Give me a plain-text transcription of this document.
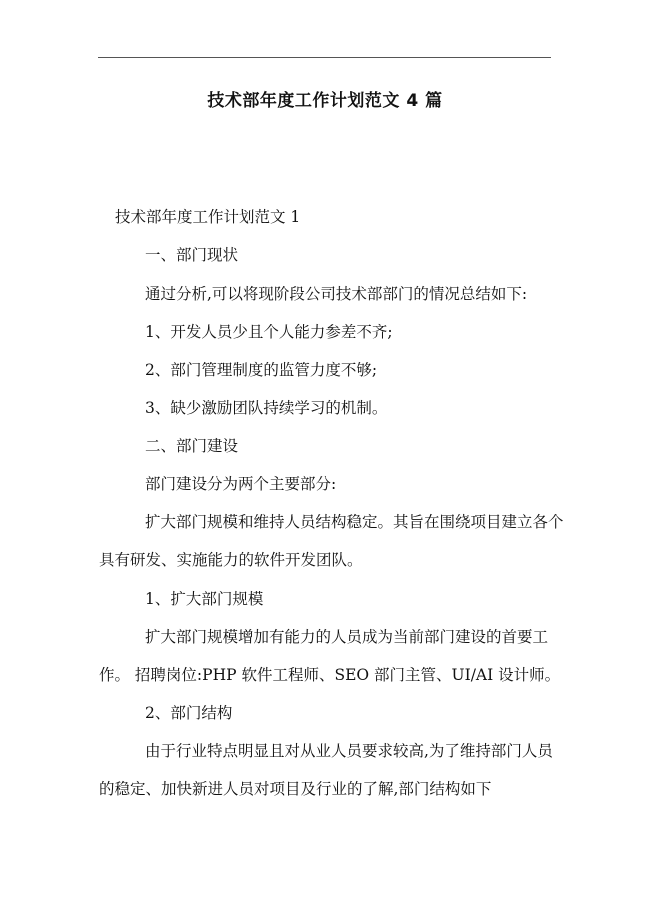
技术部年度工作计划范文 4 篇
技术部年度工作计划范文 1
一、部门现状
通过分析,可以将现阶段公司技术部部门的情况总结如下:
1、开发人员少且个人能力参差不齐;
2、部门管理制度的监管力度不够;
3、缺少激励团队持续学习的机制。
二、部门建设
部门建设分为两个主要部分:
扩大部门规模和维持人员结构稳定。其旨在围绕项目建立各个
具有研发、实施能力的软件开发团队。
1、扩大部门规模
扩大部门规模增加有能力的人员成为当前部门建设的首要工
作。 招聘岗位:PHP 软件工程师、SEO 部门主管、UI/AI 设计师。
2、部门结构
由于行业特点明显且对从业人员要求较高,为了维持部门人员
的稳定、加快新进人员对项目及行业的了解,部门结构如下
